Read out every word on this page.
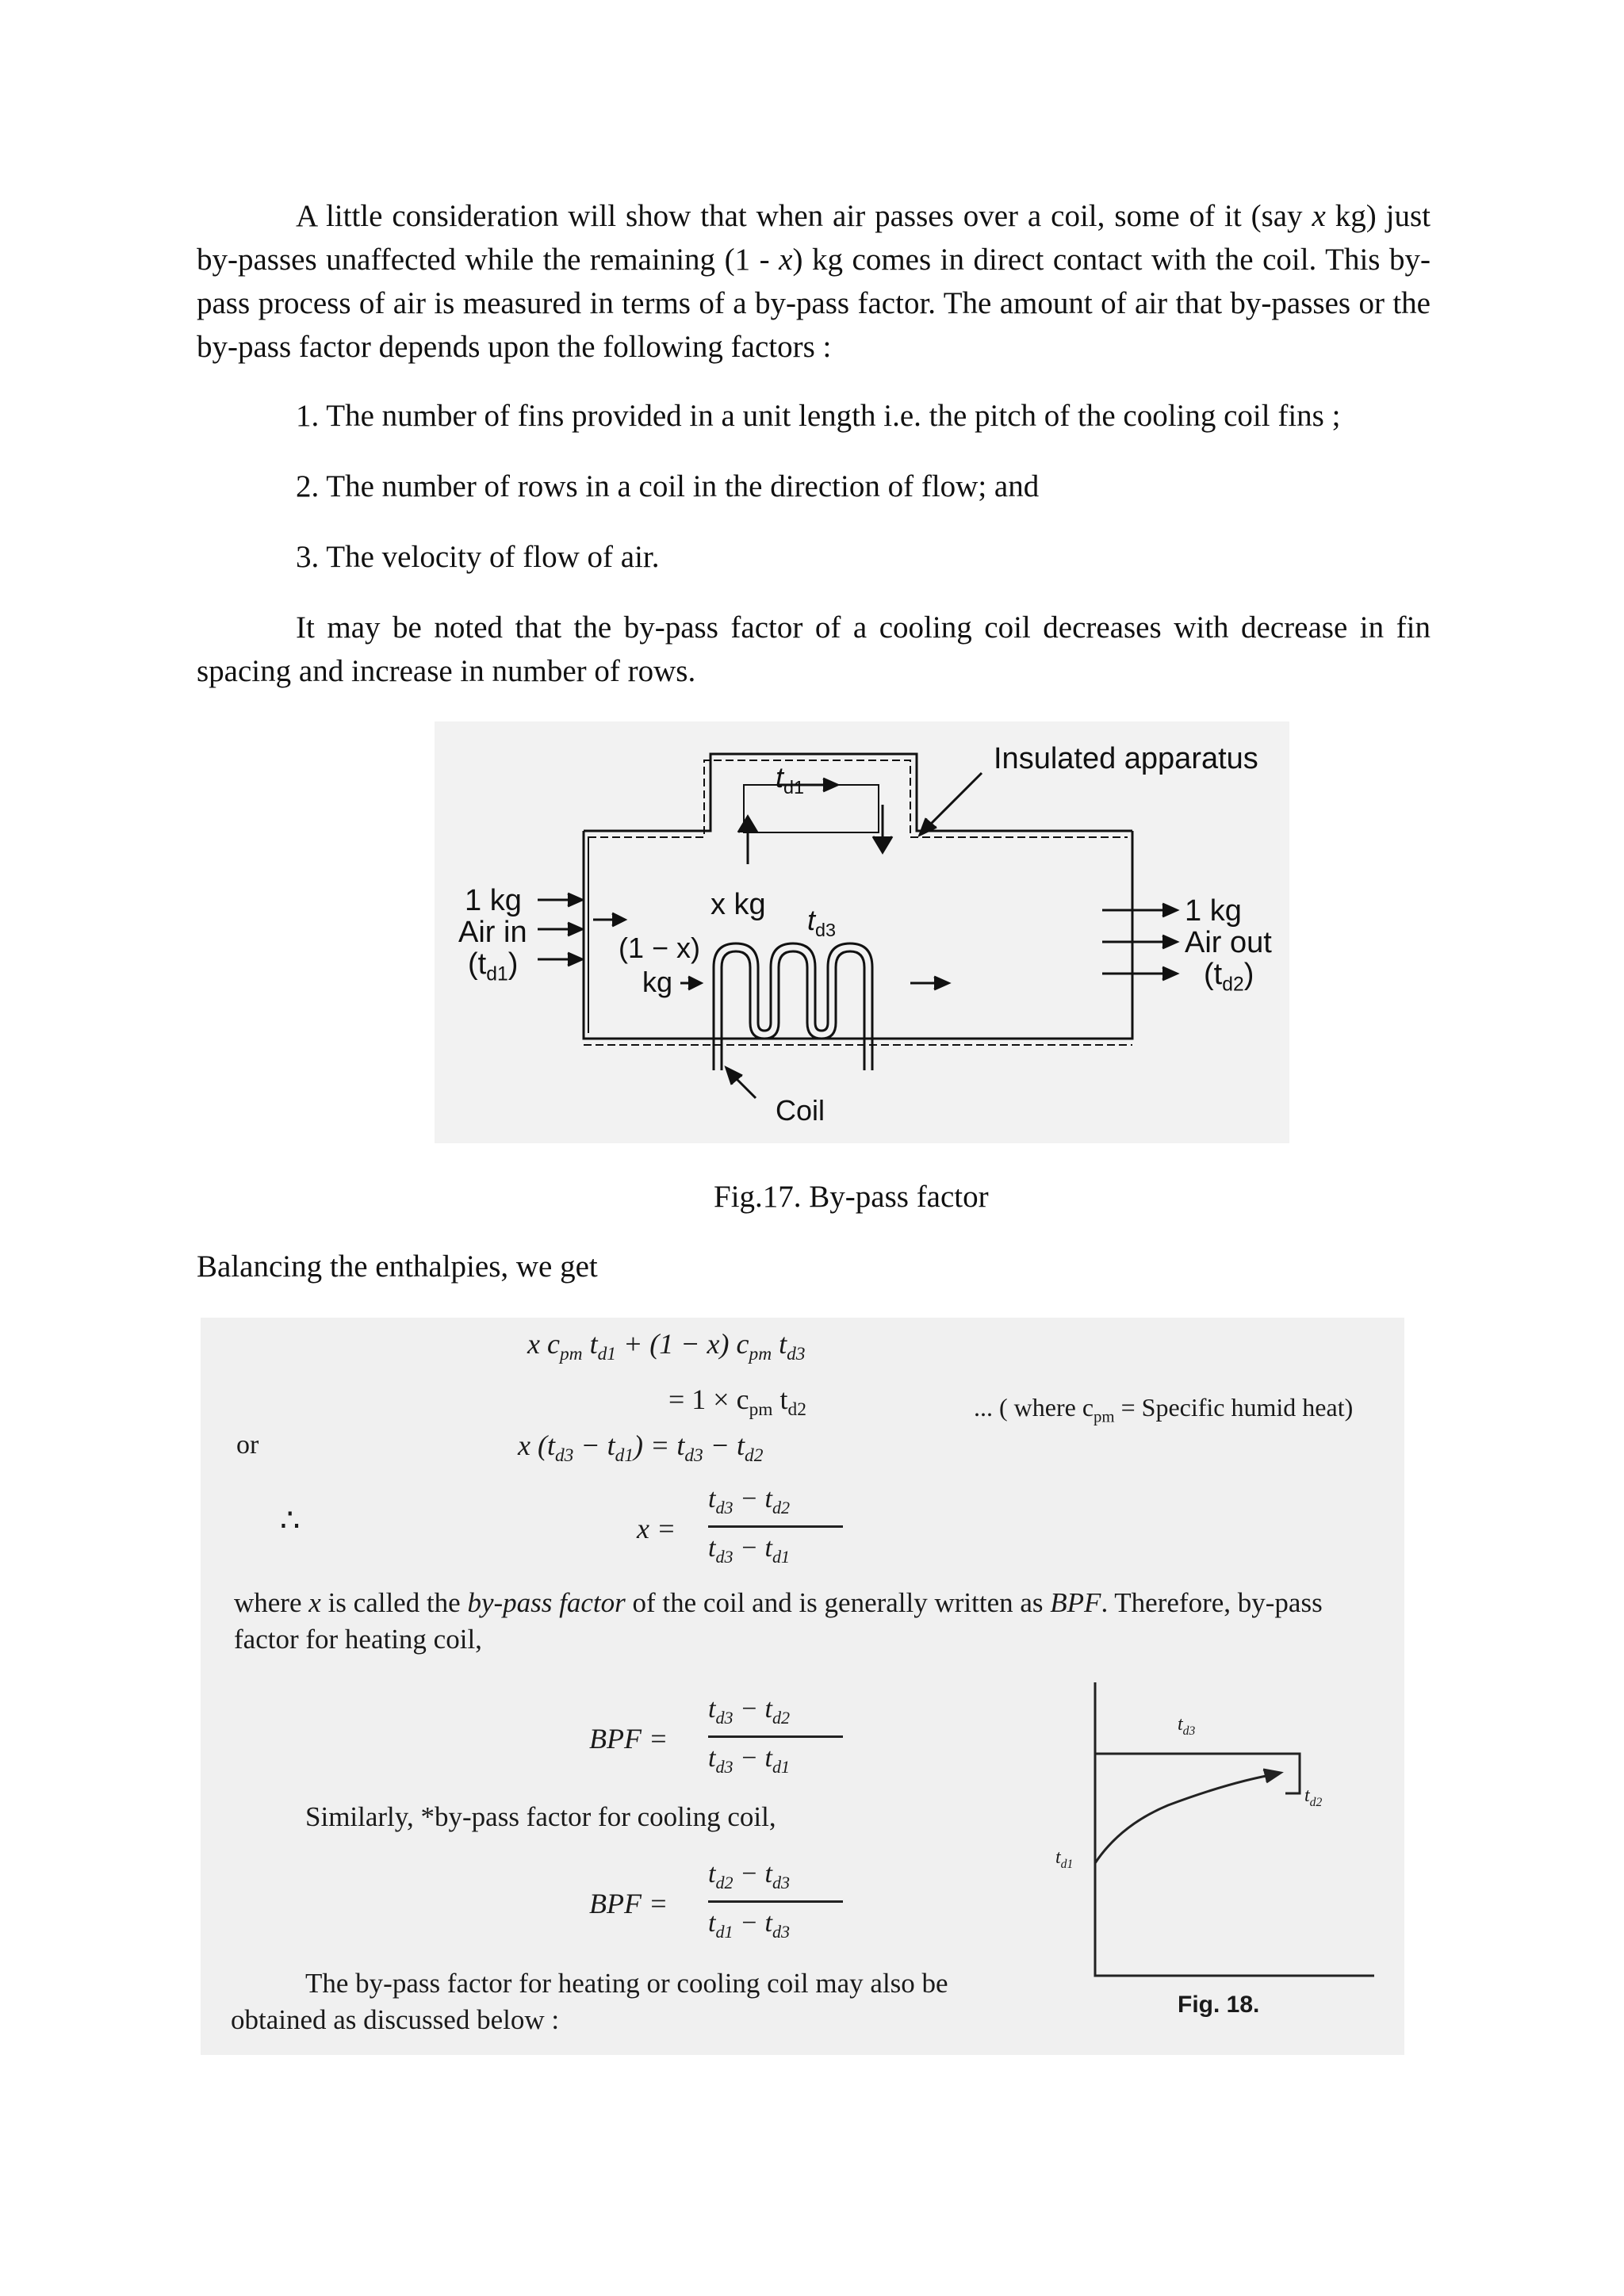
A little consideration will show that when air passes over a coil, some of it (say x kg) just by-passes unaffected while the remaining (1 - x) kg comes in direct contact with the coil. This by-pass process of air is measured in terms of a by-pass factor. The amount of air that by-passes or the by-pass factor depends upon the following factors :

1. The number of fins provided in a unit length i.e. the pitch of the cooling coil fins ;

2. The number of rows in a coil in the direction of flow; and

3. The velocity of flow of air.

It may be noted that the by-pass factor of a cooling coil decreases with decrease in fin spacing and increase in number of rows.

Insulated apparatus
$t_{d1}$
x kg $t_{d3}$
1 kg
Air in
$(t_{d1})$	(1 − x)
kg
1 kg
Air out
$(t_{d2})$
Coil

Fig.17. By-pass factor

Balancing the enthalpies, we get

x $c_{pm}$ $t_{d1} + (1 - x)$ $c_{pm}$ $t_{d3}$
= $1 \times c_{pm}$ $t_{d2}$	... ( where $c_{pm}$ = Specific humid heat)
or	x $(t_{d3} - t_{d1}) = t_{d3} - t_{d2}$
∴	x =
$t_{d3} - t_{d2}$
$t_{d3} - t_{d1}$
where x is called the by-pass factor of the coil and is generally written as BPF. Therefore, by-pass
factor for heating coil,
BPF =
$t_{d3} - t_{d2}$
$t_{d3} - t_{d1}$
Similarly, *by-pass factor for cooling coil,
BPF =
$t_{d2} - t_{d3}$
$t_{d1} - t_{d3}$
The by-pass factor for heating or cooling coil may also be
obtained as discussed below :
$t_{d3}$
$t_{d2}$
$t_{d1}$
Fig. 18.
